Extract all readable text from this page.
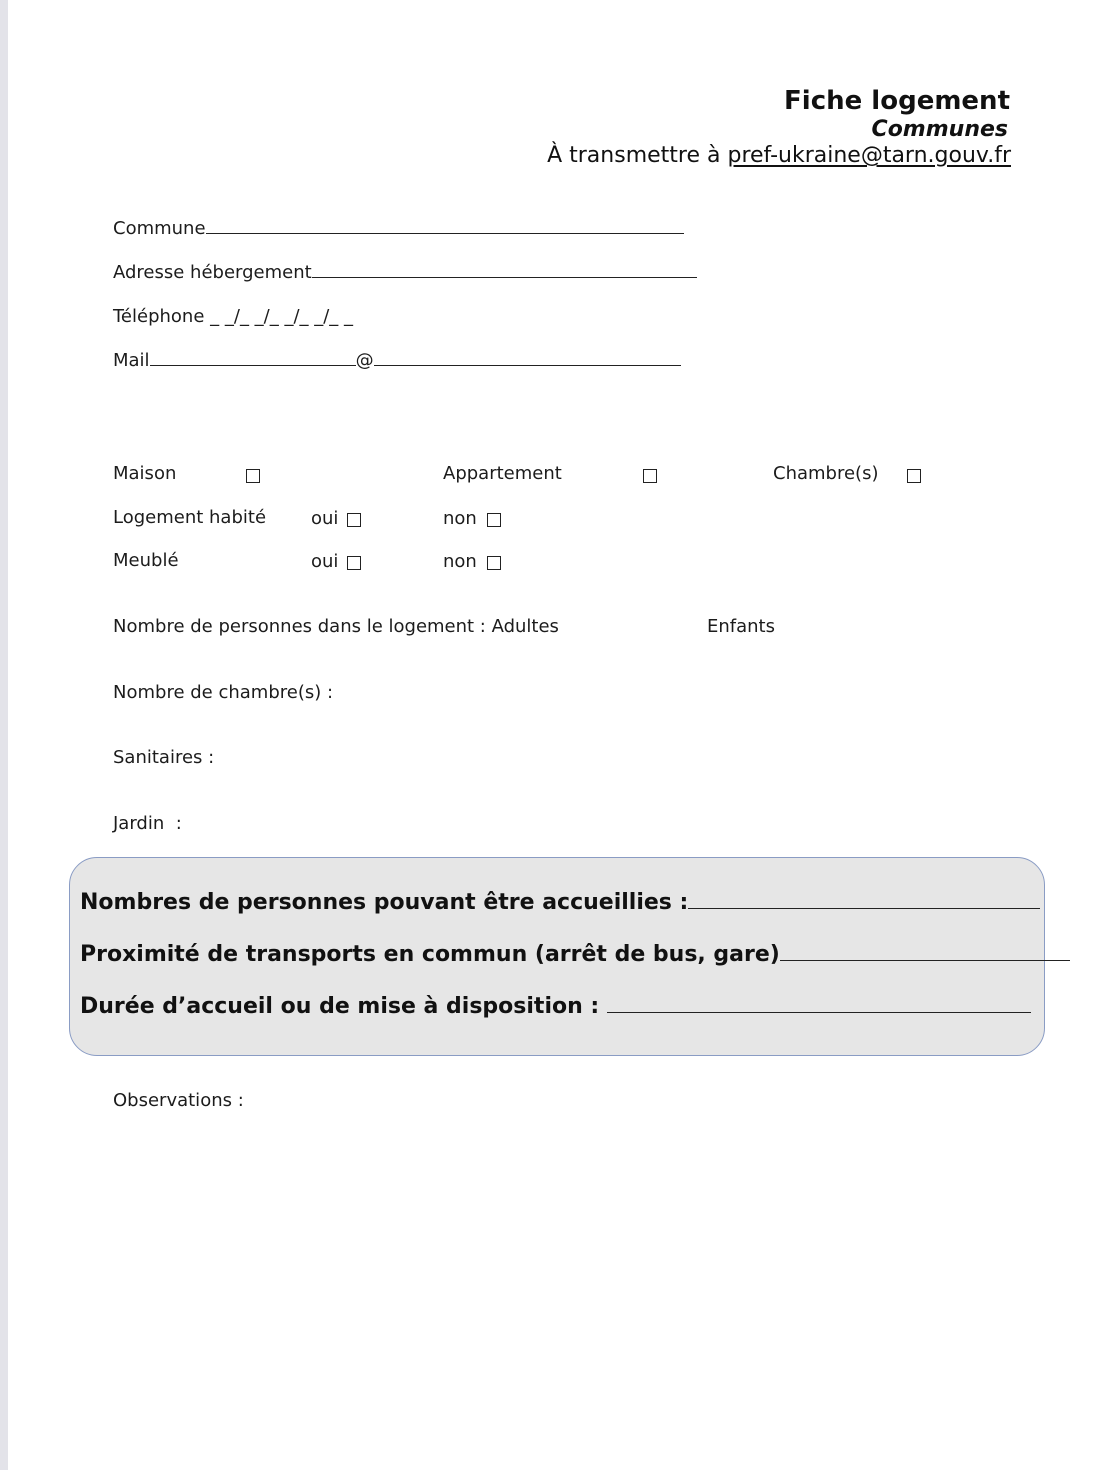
Fiche logement
Communes
À transmettre à pref-ukraine@tarn.gouv.fr
Commune
Adresse hébergement
Téléphone _ _/_ _/_ _/_ _/_ _
Mail	@
Maison	Appartement	Chambre(s)
Logement habité oui	non
Meublé	oui	non
Nombre de personnes dans le logement : Adultes	Enfants
Nombre de chambre(s) :
Sanitaires :
Jardin  :
Nombres de personnes pouvant être accueillies :
Proximité de transports en commun (arrêt de bus, gare)
Durée d’accueil ou de mise à disposition :
Observations :
